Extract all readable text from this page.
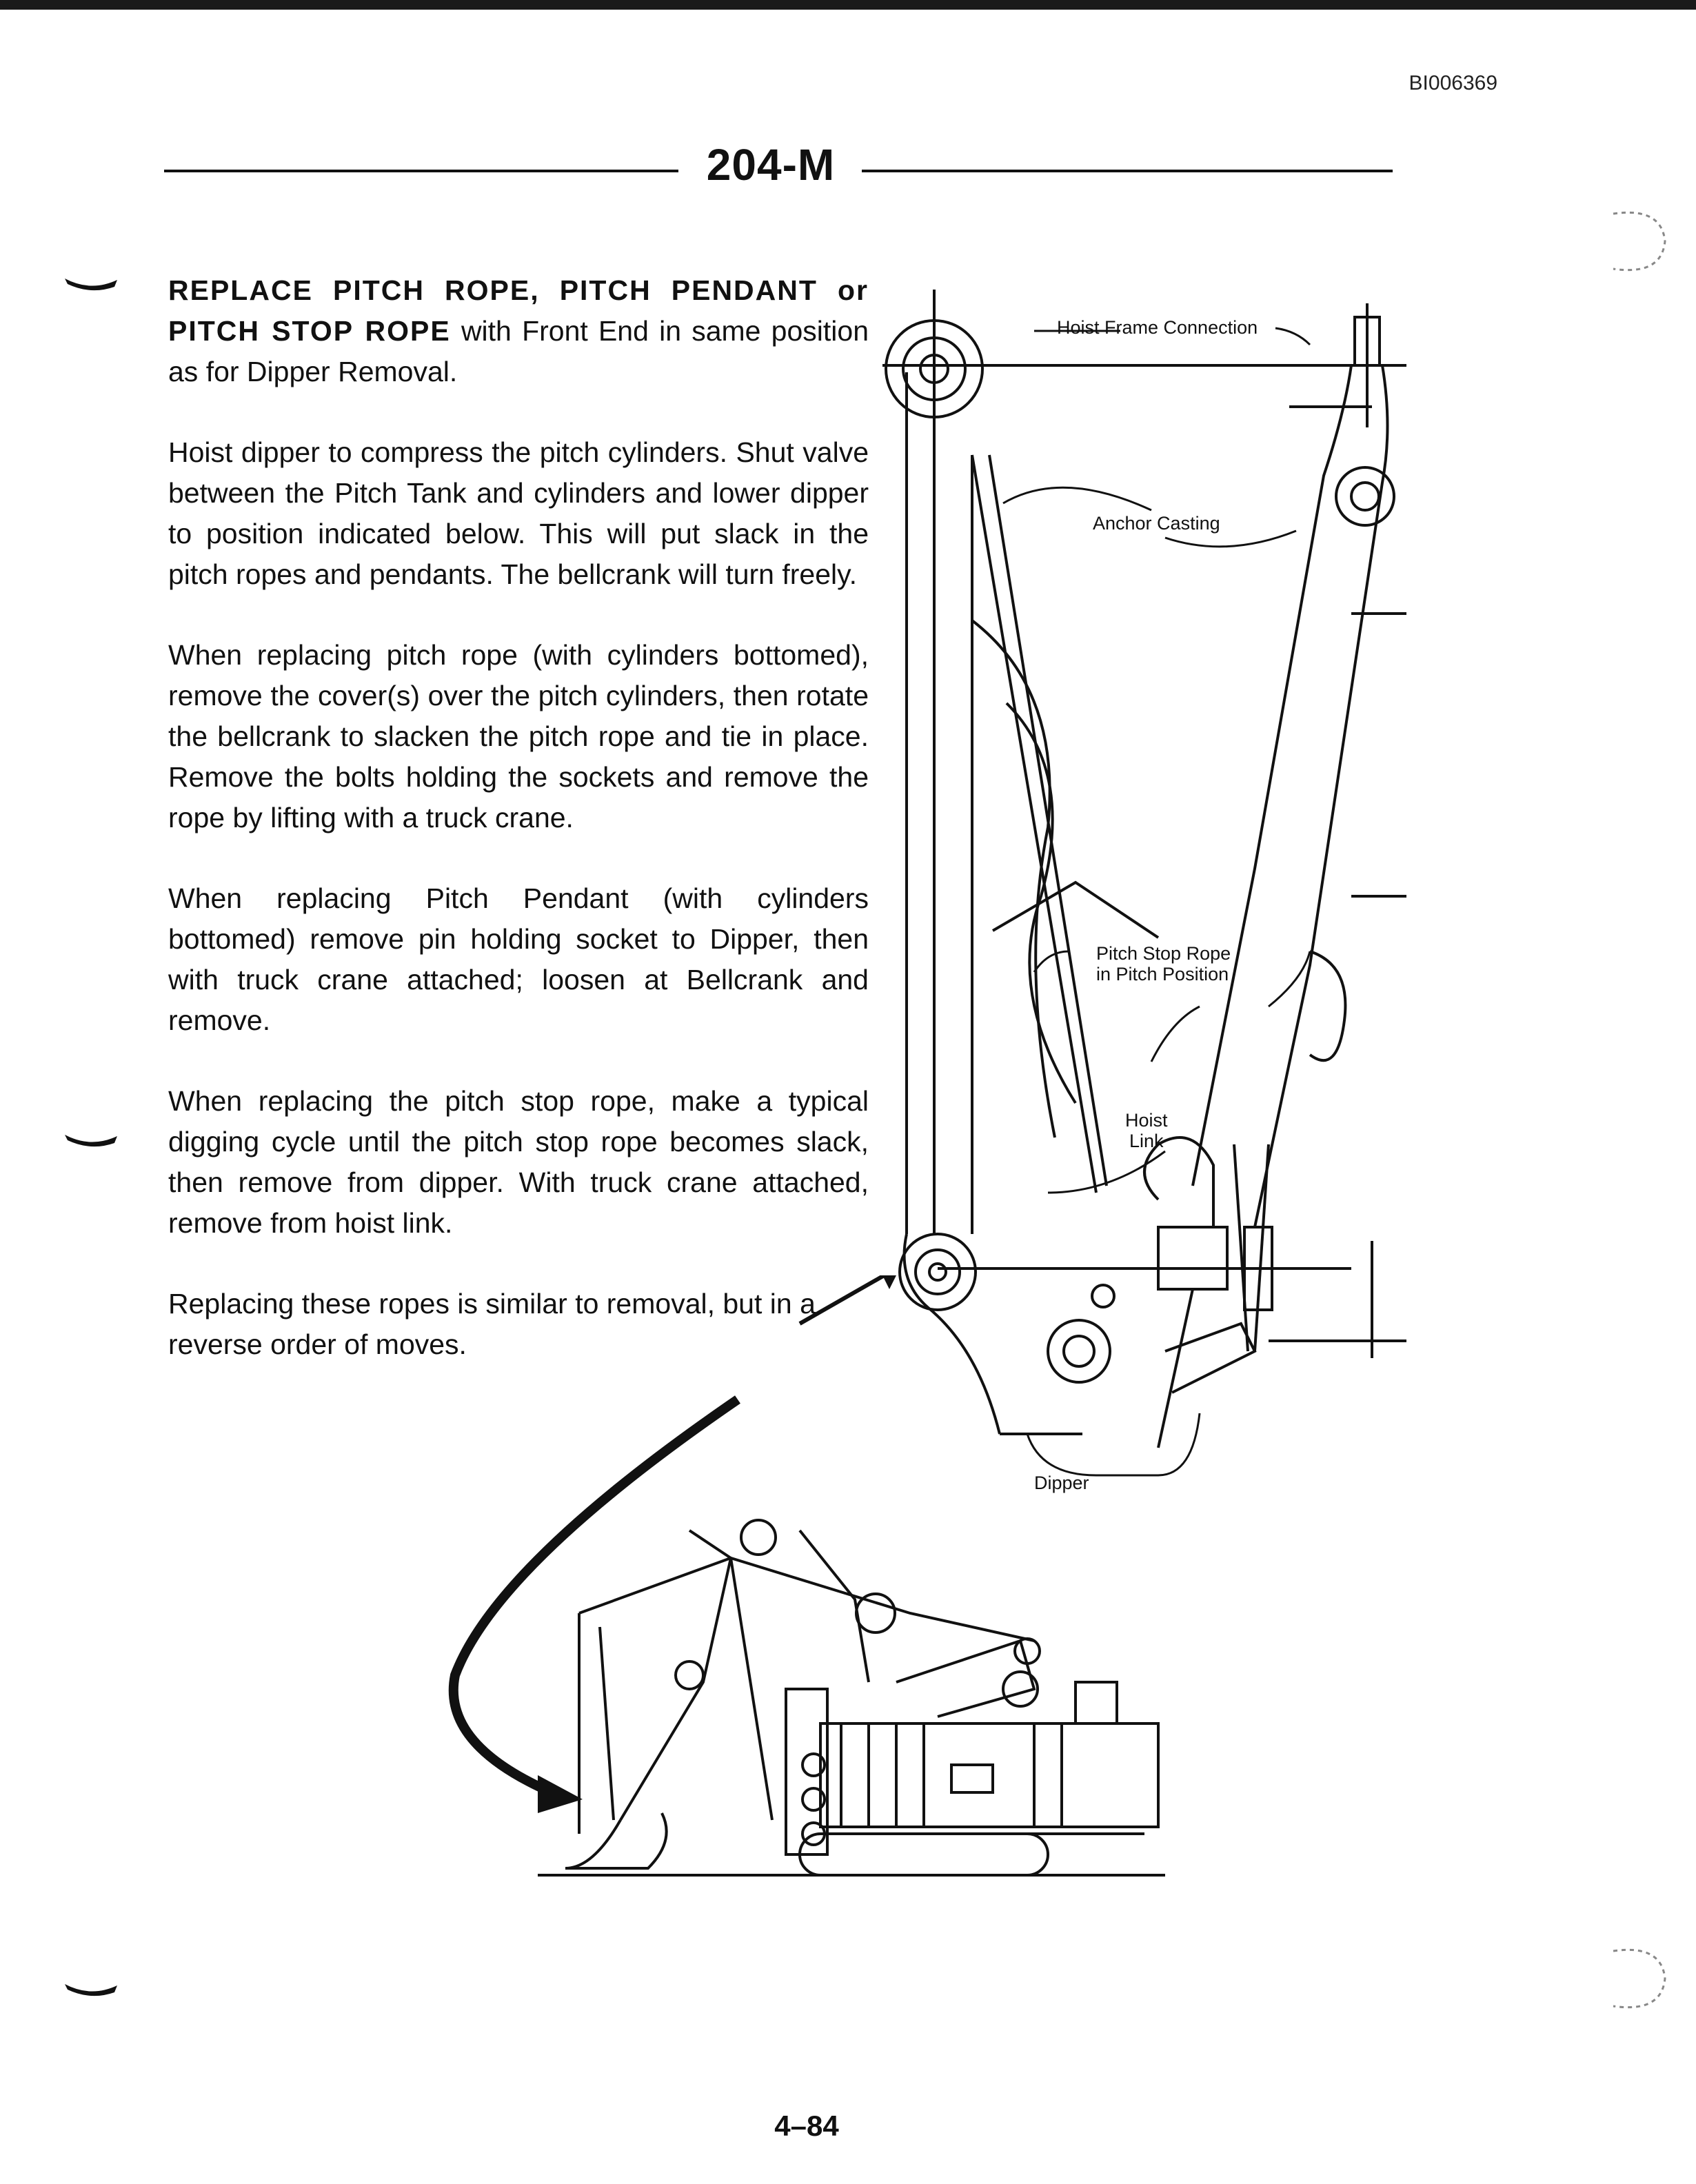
BI006369
204-M

REPLACE PITCH ROPE, PITCH PENDANT or PITCH STOP ROPE with Front End in same position as for Dipper Removal.

Hoist dipper to compress the pitch cylinders. Shut valve between the Pitch Tank and cylinders and lower dipper to position indicated below. This will put slack in the pitch ropes and pendants. The bellcrank will turn freely.

When replacing pitch rope (with cylinders bottomed), remove the cover(s) over the pitch cylinders, then rotate the bellcrank to slacken the pitch rope and tie in place. Remove the bolts holding the sockets and remove the rope by lifting with a truck crane.

When replacing Pitch Pendant (with cylinders bottomed) remove pin holding socket to Dipper, then with truck crane attached; loosen at Bellcrank and remove.

When replacing the pitch stop rope, make a typical digging cycle until the pitch stop rope becomes slack, then remove from dipper. With truck crane attached, remove from hoist link.

Replacing these ropes is similar to removal, but in a reverse order of moves.

Hoist Frame Connection
Anchor Casting
Pitch Stop Rope
in Pitch Position
Hoist
Link
Dipper
4–84
